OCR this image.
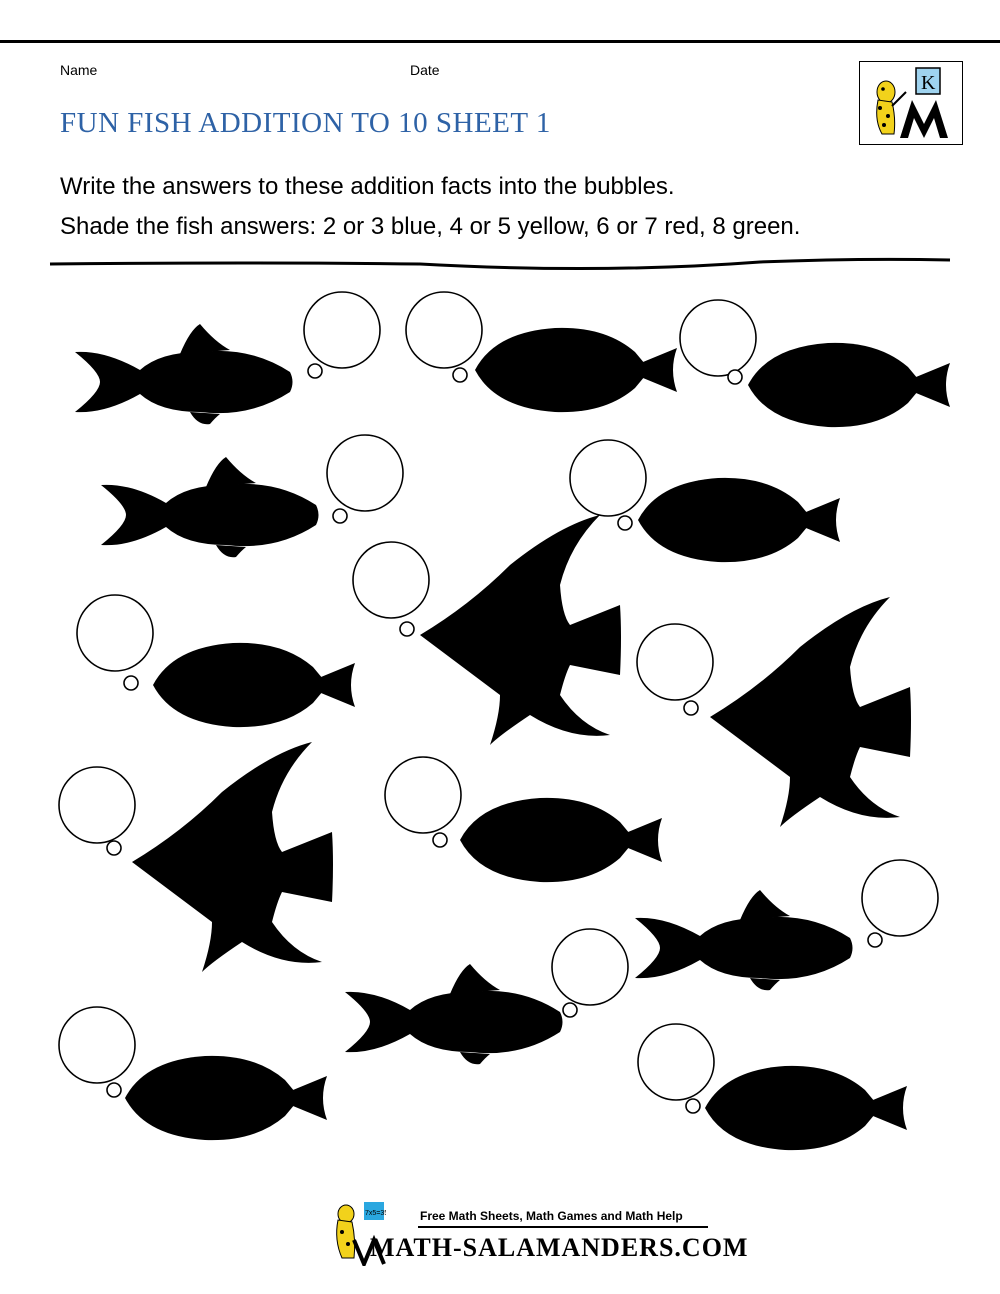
Name	Date
FUN FISH ADDITION TO 10 SHEET 1
K
Write the answers to these addition facts into the bubbles.
Shade the fish answers: 2 or 3 blue, 4 or 5 yellow, 6 or 7 red, 8 green.
1 + 2	3 + 1
4 + 2
0 + 2	5 + 1
2 + 3
5 + 2
1 + 4
7 + 1
3 + 3
4 + 4
3 + 5
6 + 2
2 + 5
7x5=35	Free Math Sheets, Math Games and Math Help
MATH-SALAMANDERS.COM
